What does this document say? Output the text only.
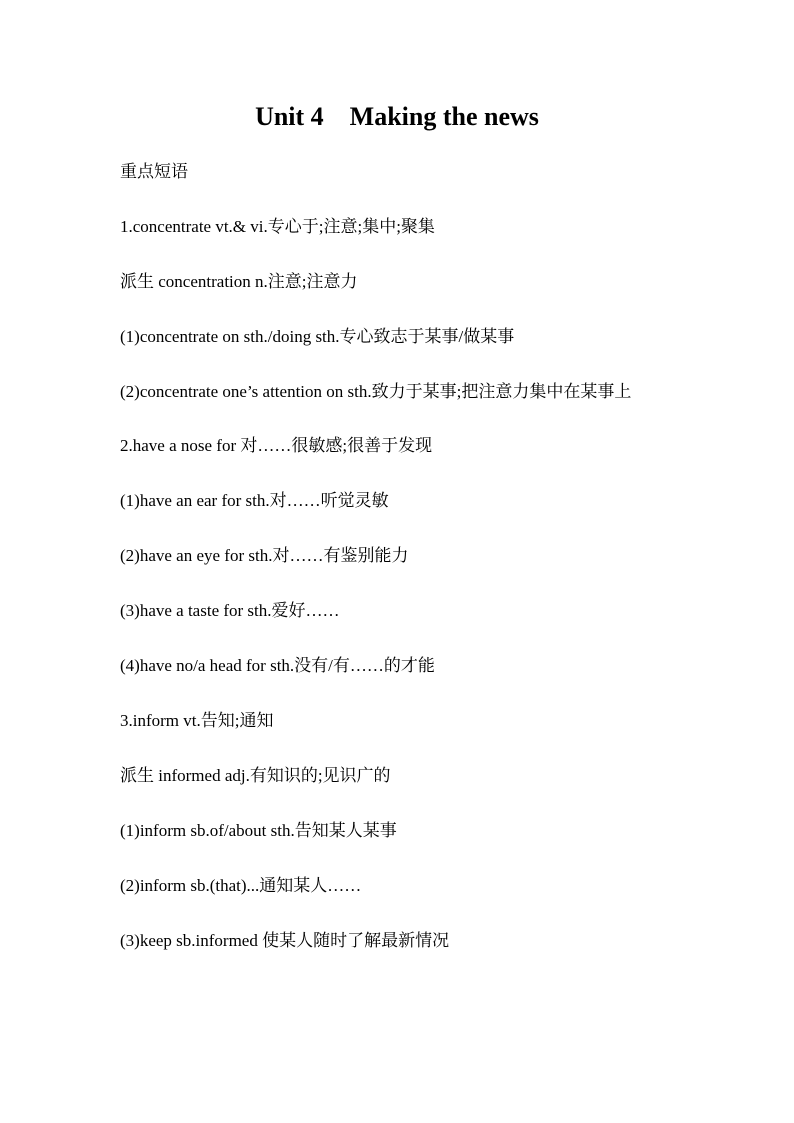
Unit 4 Making the news
重点短语
1.concentrate vt.& vi.专心于;注意;集中;聚集
派生 concentration n.注意;注意力
(1)concentrate on sth./doing sth.专心致志于某事/做某事
(2)concentrate one’s attention on sth.致力于某事;把注意力集中在某事上
2.have a nose for 对……很敏感;很善于发现
(1)have an ear for sth.对……听觉灵敏
(2)have an eye for sth.对……有鉴别能力
(3)have a taste for sth.爱好……
(4)have no/a head for sth.没有/有……的才能
3.inform vt.告知;通知
派生 informed adj.有知识的;见识广的
(1)inform sb.of/about sth.告知某人某事
(2)inform sb.(that)...通知某人……
(3)keep sb.informed 使某人随时了解最新情况
